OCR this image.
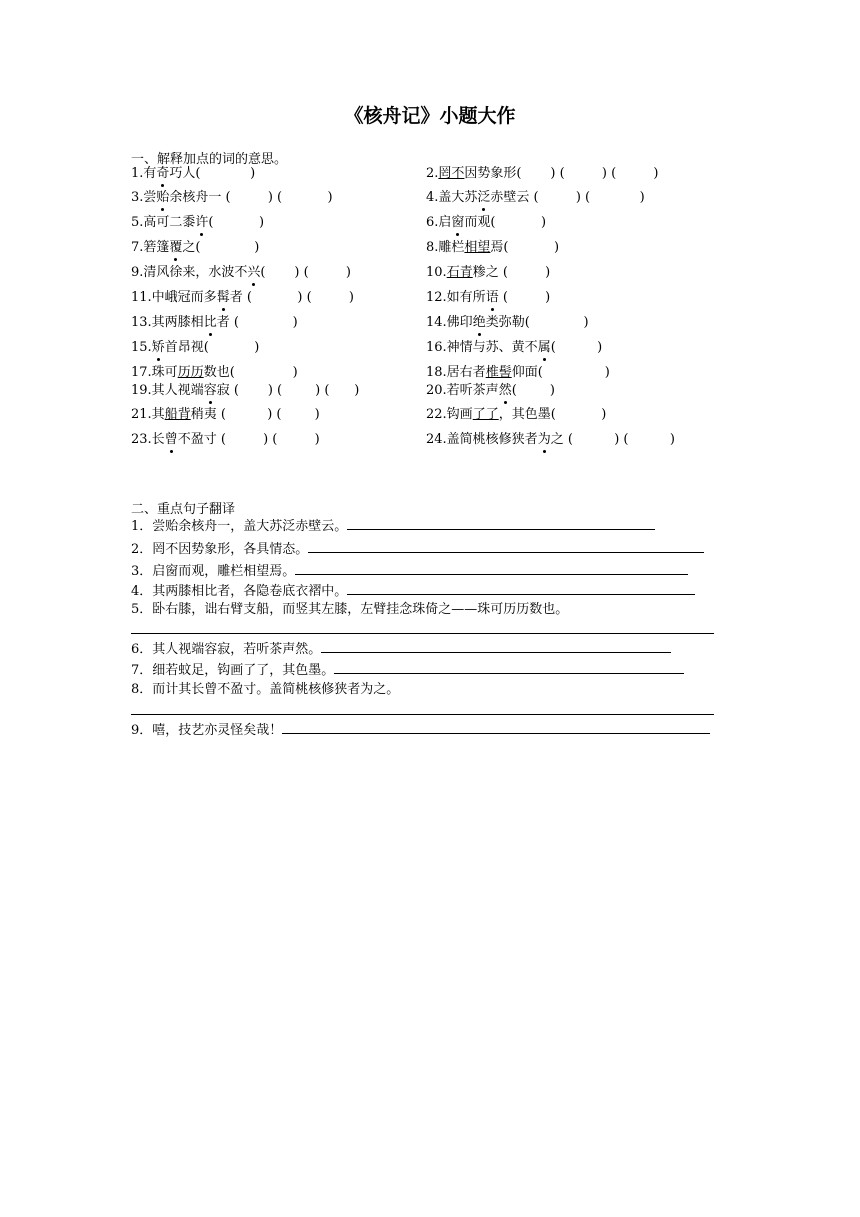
《核舟记》小题大作
一、解释加点的词的意思。
1.有奇巧人(            )	2.罔不因势象形(       ) (         ) (         )
3.尝贻余核舟一 (         ) (           )	4.盖大苏泛赤壁云 (         ) (            )
5.高可二黍许(           )	6.启窗而观(           )
7.箬篷覆之(             )	8.雕栏相望焉(           )
9.清风徐来，水波不兴(       ) (         )	10.石青糁之 (         )
11.中峨冠而多髯者 (           ) (         )	12.如有所语 (         )
13.其两膝相比者 (             )	14.佛印绝类弥勒(             )
15.矫首昂视(           )	16.神情与苏、黄不属(          )
17.珠可历历数也(              )	18.居右者椎髻仰面(               )
19.其人视端容寂 (       ) (        ) (      )	20.若听茶声然(        )
21.其船背稍夷 (          ) (        )	22.钩画了了，其色墨(           )
23.长曾不盈寸 (         ) (         )	24.盖简桃核修狭者为之 (          ) (          )
二、重点句子翻译
1．尝贻余核舟一，盖大苏泛赤壁云。
2．罔不因势象形，各具情态。
3．启窗而观，雕栏相望焉。
4．其两膝相比者，各隐卷底衣褶中。
5．卧右膝，诎右臂支船，而竖其左膝，左臂挂念珠倚之——珠可历历数也。
6．其人视端容寂，若听茶声然。
7．细若蚊足，钩画了了，其色墨。
8．而计其长曾不盈寸。盖简桃核修狭者为之。
9．嘻，技艺亦灵怪矣哉！
